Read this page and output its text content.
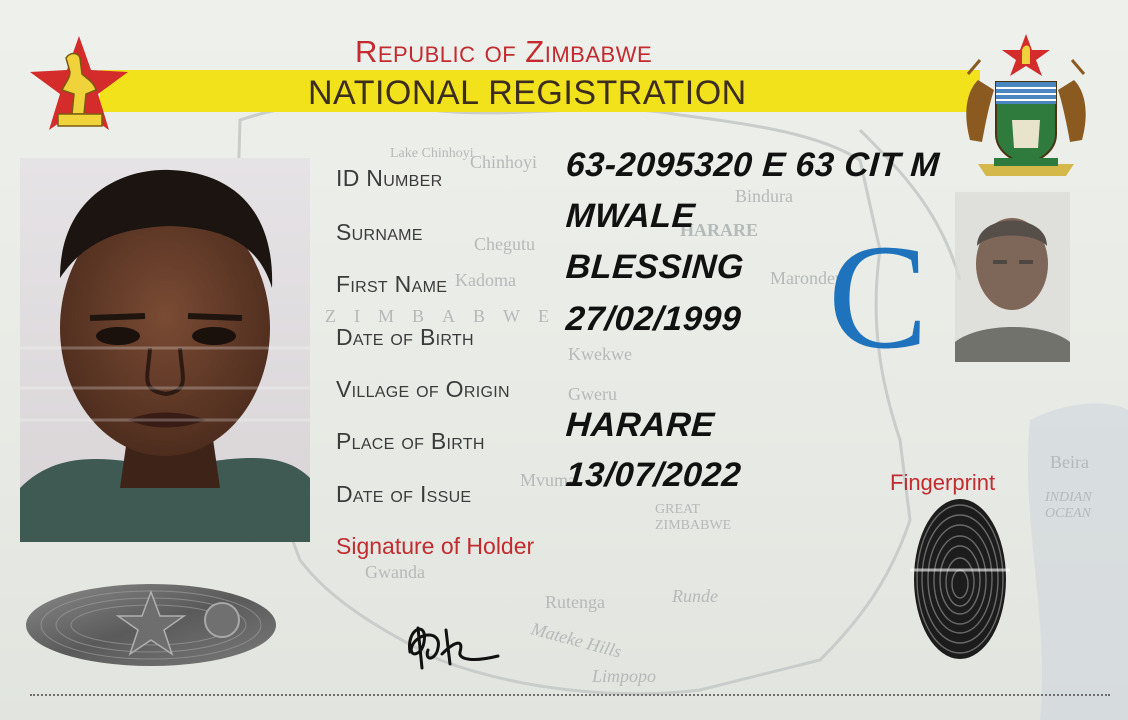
Chinhoyi
Lake Chinhoyi
Bindura
HARARE
Chegutu
Kadoma	Marondera
ZIMBABWE
Kwekwe
Gweru
Mvuma
GREAT ZIMBABWE
Gwanda
Rutenga	Runde
Mateke Hills
Limpopo
Beira
INDIAN OCEAN
Republic of Zimbabwe
NATIONAL REGISTRATION
C
ID Number
Surname
First Name
Date of Birth
Village of Origin
Place of Birth
Date of Issue
63-2095320 E 63 CIT M
MWALE
BLESSING
27/02/1999
HARARE
13/07/2022
Signature of Holder
Fingerprint
